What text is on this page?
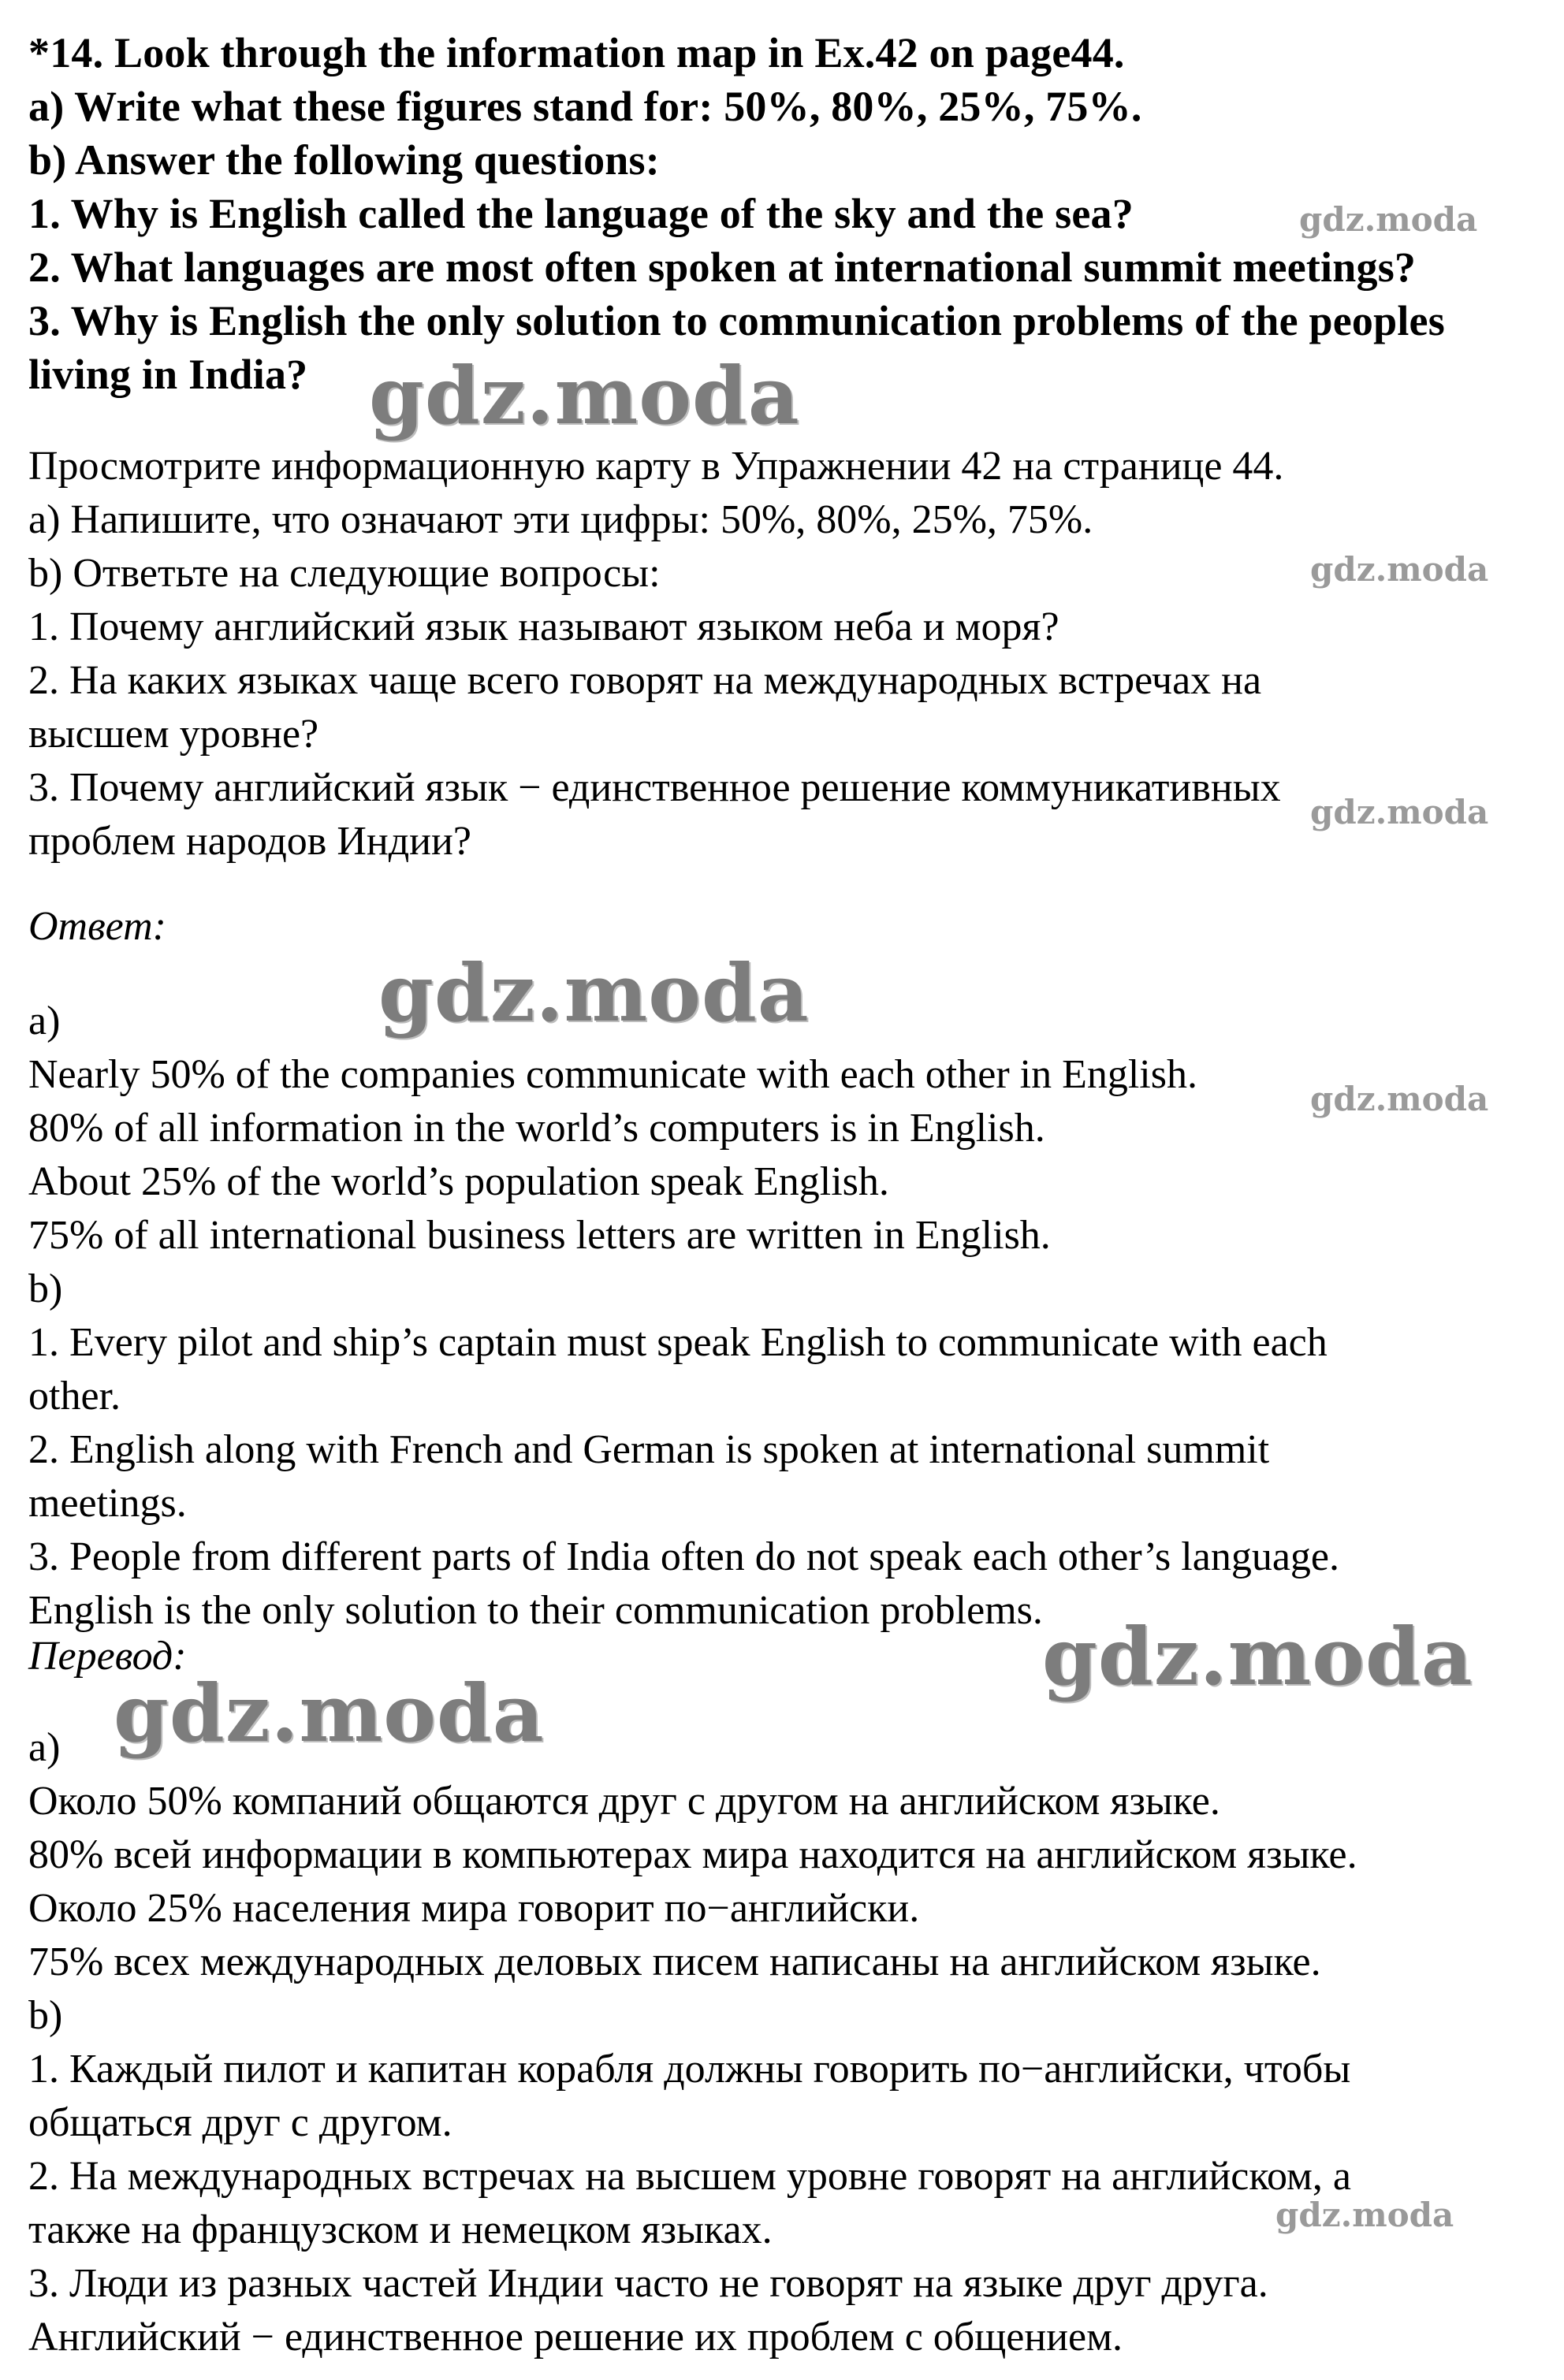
*14. Look through the information map in Ex.42 on page44.
a) Write what these figures stand for: 50%, 80%, 25%, 75%.
b) Answer the following questions:
1. Why is English called the language of the sky and the sea?
2. What languages are most often spoken at international summit meetings?
3. Why is English the only solution to communication problems of the peoples
living in India?
Просмотрите информационную карту в Упражнении 42 на странице 44.
a) Напишите, что означают эти цифры: 50%, 80%, 25%, 75%.
b) Ответьте на следующие вопросы:
1. Почему английский язык называют языком неба и моря?
2. На каких языках чаще всего говорят на международных встречах на
высшем уровне?
3. Почему английский язык − единственное решение коммуникативных
проблем народов Индии?
Ответ:
a)
Nearly 50% of the companies communicate with each other in English.
80% of all information in the world’s computers is in English.
About 25% of the world’s population speak English.
75% of all international business letters are written in English.
b)
1. Every pilot and ship’s captain must speak English to communicate with each
other.
2. English along with French and German is spoken at international summit
meetings.
3. People from different parts of India often do not speak each other’s language.
English is the only solution to their communication problems.
Перевод:
a)
Около 50% компаний общаются друг с другом на английском языке.
80% всей информации в компьютерах мира находится на английском языке.
Около 25% населения мира говорит по−английски.
75% всех международных деловых писем написаны на английском языке.
b)
1. Каждый пилот и капитан корабля должны говорить по−английски, чтобы
общаться друг с другом.
2. На международных встречах на высшем уровне говорят на английском, а
также на французском и немецком языках.
3. Люди из разных частей Индии часто не говорят на языке друг друга.
Английский − единственное решение их проблем с общением.
gdz.moda
gdz.moda
gdz.moda
gdz.moda
gdz.moda
gdz.moda
gdz.moda
gdz.moda
gdz.moda
